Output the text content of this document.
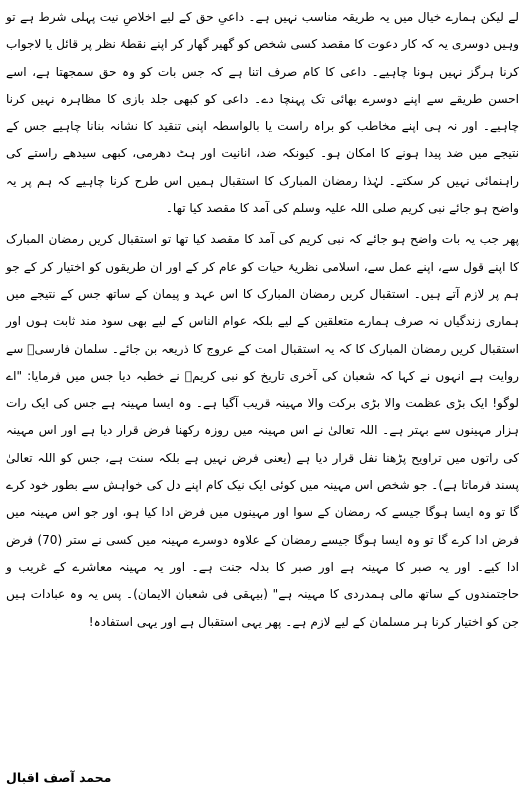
لے لیکن ہمارے خیال میں یہ طریقہ مناسب نہیں ہے۔ داعیِ حق کے لیے اخلاصِ نیت پہلی شرط ہے تو وہیں دوسری یہ کہ کار دعوت کا مقصد کسی شخص کو گھیر گھار کر اپنے نقطۂ نظر پر قائل یا لاجواب کرنا ہرگز نہیں ہونا چاہیے۔ داعی کا کام صرف اتنا ہے کہ جس بات کو وہ حق سمجھتا ہے، اسے احسن طریقے سے اپنے دوسرے بھائی تک پہنچا دے۔ داعی کو کبھی جلد بازی کا مظاہرہ نہیں کرنا چاہیے۔ اور نہ ہی اپنے مخاطب کو براہ راست یا بالواسطہ اپنی تنقید کا نشانہ بنانا چاہیے جس کے نتیجے میں ضد پیدا ہونے کا امکان ہو۔ کیونکہ ضد، انانیت اور ہٹ دھرمی، کبھی سیدھے راستے کی راہنمائی نہیں کر سکتے۔ لہٰذا رمضان المبارک کا استقبال ہمیں اس طرح کرنا چاہیے کہ ہم پر یہ واضح ہو جائے نبی کریم صلی اللہ علیہ وسلم کی آمد کا مقصد کیا تھا۔

پھر جب یہ بات واضح ہو جائے کہ نبی کریم کی آمد کا مقصد کیا تھا تو استقبال کریں رمضان المبارک کا اپنے قول سے، اپنے عمل سے، اسلامی نظریۂ حیات کو عام کر کے اور ان طریقوں کو اختیار کر کے جو ہم پر لازم آتے ہیں۔ استقبال کریں رمضان المبارک کا اس عہد و پیمان کے ساتھ جس کے نتیجے میں ہماری زندگیاں نہ صرف ہمارے متعلقین کے لیے بلکہ عوام الناس کے لیے بھی سود مند ثابت ہوں اور استقبال کریں رمضان المبارک کا کہ یہ استقبال امت کے عروج کا ذریعہ بن جائے۔ سلمان فارسیؓ سے روایت ہے انہوں نے کہا کہ شعبان کی آخری تاریخ کو نبی کریمؐ نے خطبہ دیا جس میں فرمایا: "اے لوگو! ایک بڑی عظمت والا بڑی برکت والا مہینہ قریب آگیا ہے۔ وہ ایسا مہینہ ہے جس کی ایک رات ہزار مہینوں سے بہتر ہے۔ اللہ تعالیٰ نے اس مہینہ میں روزہ رکھنا فرض قرار دیا ہے اور اس مہینہ کی راتوں میں تراویح پڑھنا نفل قرار دیا ہے (یعنی فرض نہیں ہے بلکہ سنت ہے، جس کو اللہ تعالیٰ پسند فرماتا ہے)۔ جو شخص اس مہینہ میں کوئی ایک نیک کام اپنے دل کی خواہش سے بطور خود کرے گا تو وہ ایسا ہوگا جیسے کہ رمضان کے سوا اور مہینوں میں فرض ادا کیا ہو، اور جو اس مہینہ میں فرض ادا کرے گا تو وہ ایسا ہوگا جیسے رمضان کے علاوہ دوسرے مہینہ میں کسی نے ستر (70) فرض ادا کیے۔ اور یہ صبر کا مہینہ ہے اور صبر کا بدلہ جنت ہے۔ اور یہ مہینہ معاشرے کے غریب و حاجتمندوں کے ساتھ مالی ہمدردی کا مہینہ ہے" (بیہقی فی شعبان الایمان)۔ پس یہ وہ عبادات ہیں جن کو اختیار کرنا ہر مسلمان کے لیے لازم ہے۔ پھر یہی استقبال ہے اور یہی استفادہ!

محمد آصف اقبال
